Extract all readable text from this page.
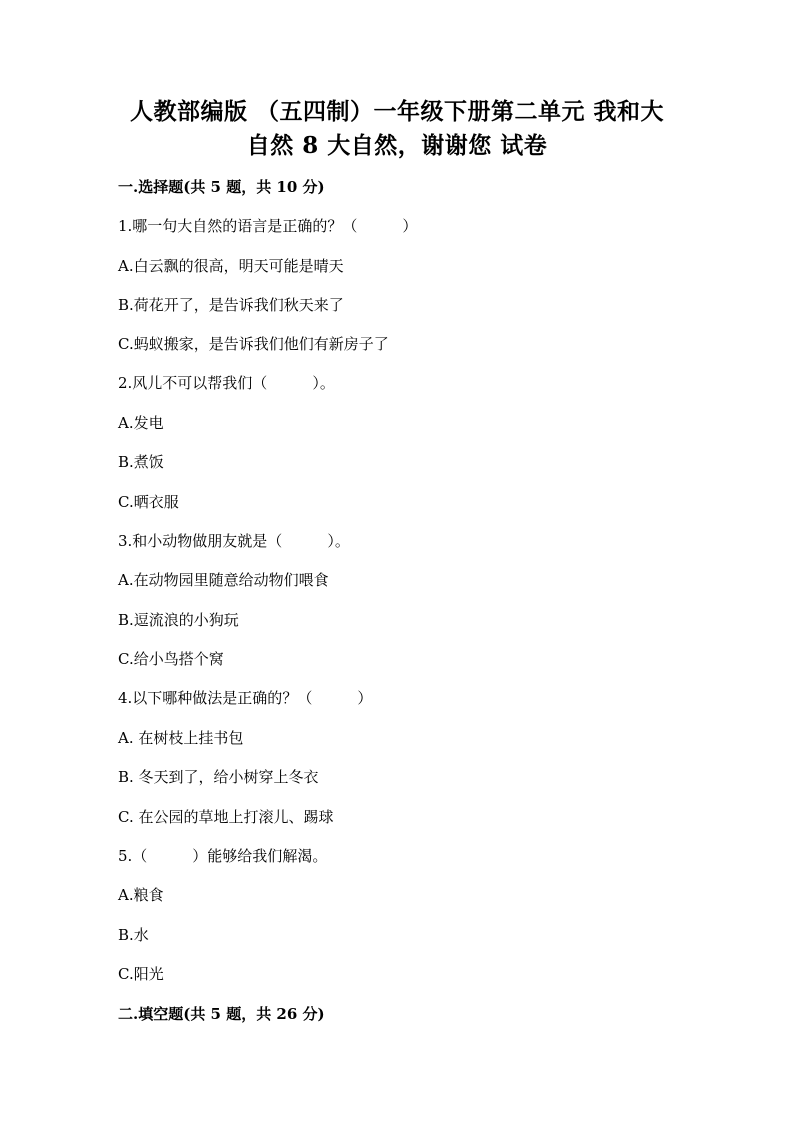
人教部编版 （五四制）一年级下册第二单元 我和大
自然 8 大自然，谢谢您 试卷
一.选择题(共 5 题，共 10 分)
1.哪一句大自然的语言是正确的？（　　　）
A.白云飘的很高，明天可能是晴天
B.荷花开了，是告诉我们秋天来了
C.蚂蚁搬家，是告诉我们他们有新房子了
2.风儿不可以帮我们（　　　）。
A.发电
B.煮饭
C.晒衣服
3.和小动物做朋友就是（　　　）。
A.在动物园里随意给动物们喂食
B.逗流浪的小狗玩
C.给小鸟搭个窝
4.以下哪种做法是正确的？（　　　）
A. 在树枝上挂书包
B. 冬天到了，给小树穿上冬衣
C. 在公园的草地上打滚儿、踢球
5.（　　　）能够给我们解渴。
A.粮食
B.水
C.阳光
二.填空题(共 5 题，共 26 分)
